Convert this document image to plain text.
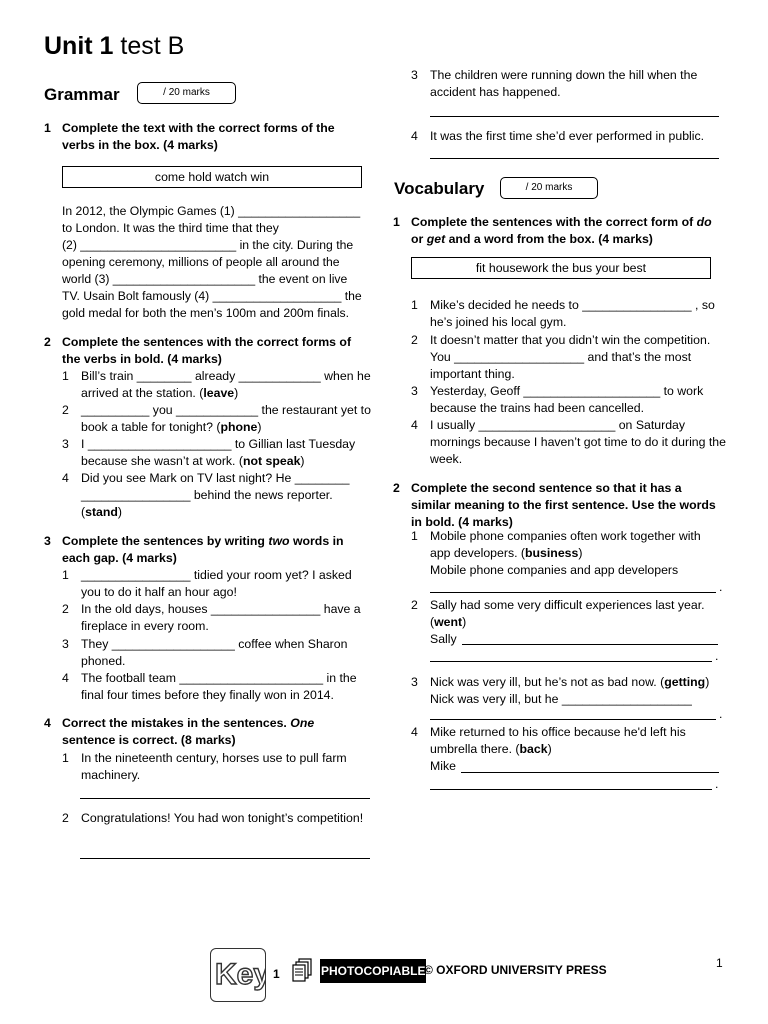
Unit 1 test B
Grammar	/ 20 marks
1 Complete the text with the correct forms of the verbs in the box. (4 marks)
come hold watch win
In 2012, the Olympic Games (1) __________________
to London. It was the third time that they
(2) _______________________ in the city. During the
opening ceremony, millions of people all around the
world (3) _____________________ the event on live
TV. Usain Bolt famously (4) ___________________ the
gold medal for both the men’s 100m and 200m finals.
2 Complete the sentences with the correct forms of the verbs in bold. (4 marks)
1 Bill’s train ________ already ____________ when he arrived at the station. (leave)
2 __________ you ____________ the restaurant yet to book a table for tonight? (phone)
3 I _____________________ to Gillian last Tuesday because she wasn’t at work. (not speak)
4 Did you see Mark on TV last night? He ________ ________________ behind the news reporter. (stand)
3 Complete the sentences by writing two words in each gap. (4 marks)
1 ________________ tidied your room yet? I asked you to do it half an hour ago!
2 In the old days, houses ________________ have a fireplace in every room.
3 They __________________ coffee when Sharon phoned.
4 The football team _____________________ in the final four times before they finally won in 2014.
4 Correct the mistakes in the sentences. One sentence is correct. (8 marks)
1 In the nineteenth century, horses use to pull farm machinery.
2 Congratulations! You had won tonight’s competition!
3 The children were running down the hill when the accident has happened.
4 It was the first time she’d ever performed in public.
Vocabulary	/ 20 marks
1 Complete the sentences with the correct form of do or get and a word from the box. (4 marks)
fit housework the bus your best
1 Mike’s decided he needs to ________________ , so he’s joined his local gym.
2 It doesn’t matter that you didn’t win the competition. You ___________________ and that’s the most important thing.
3 Yesterday, Geoff ____________________ to work because the trains had been cancelled.
4 I usually ____________________ on Saturday mornings because I haven’t got time to do it during the week.
2 Complete the second sentence so that it has a similar meaning to the first sentence. Use the words in bold. (4 marks)
1 Mobile phone companies often work together with app developers. (business)
Mobile phone companies and app developers
.
2 Sally had some very difficult experiences last year. (went)
Sally
.
3 Nick was very ill, but he’s not as bad now. (getting)
Nick was very ill, but he ___________________
.
4 Mike returned to his office because he'd left his umbrella there. (back)
Mike
.
Key 1	PHOTOCOPIABLE
© OXFORD UNIVERSITY PRESS	1
